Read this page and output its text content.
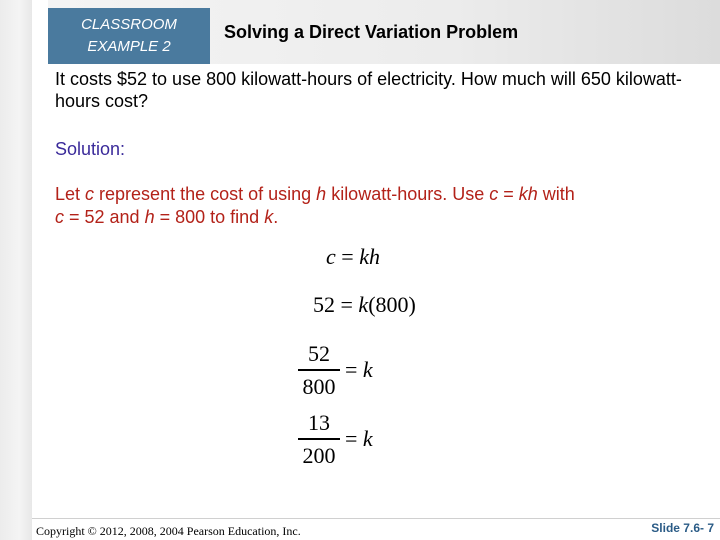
CLASSROOM
EXAMPLE 2
Solving a Direct Variation Problem
It costs $52 to use 800 kilowatt-hours of electricity. How much will 650 kilowatt-hours cost?
Solution:
Let c represent the cost of using h kilowatt-hours. Use c = kh with
c = 52 and h = 800 to find k.
c = kh
52 = k(800)
52
800
= k
13
200
= k
Copyright © 2012, 2008, 2004 Pearson Education, Inc.	Slide 7.6- 7
